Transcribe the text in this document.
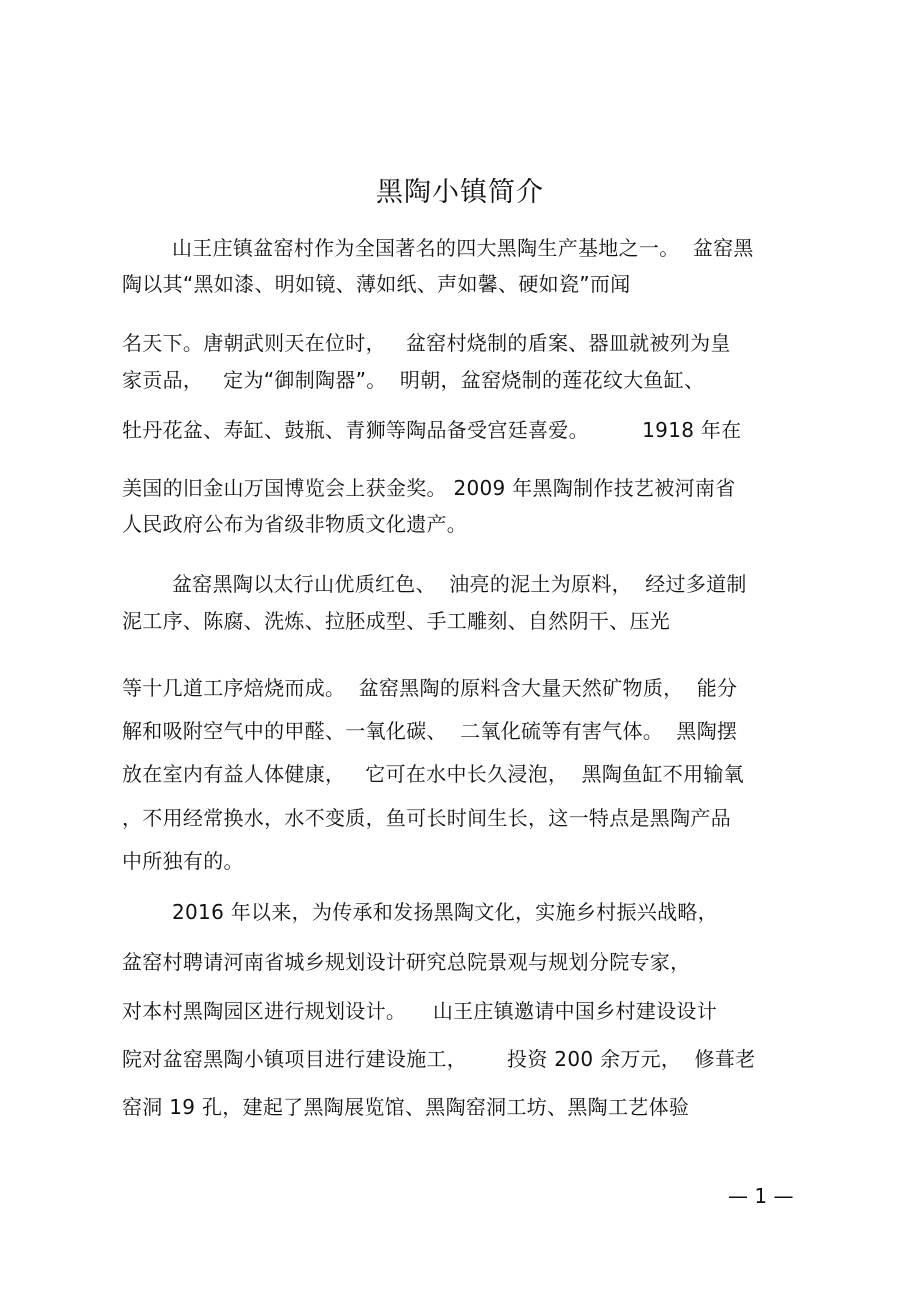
黑陶小镇简介
山王庄镇盆窑村作为全国著名的四大黑陶生产基地之一。  盆窑黑
陶以其“黑如漆、明如镜、薄如纸、声如馨、硬如瓷”而闻
名天下。唐朝武则天在位时，   盆窑村烧制的盾案、器皿就被列为皇
家贡品，   定为“御制陶器”。  明朝，盆窑烧制的莲花纹大鱼缸、
牡丹花盆、寿缸、鼓瓶、青狮等陶品备受宫廷喜爱。        1918 年在
美国的旧金山万国博览会上获金奖。 2009 年黑陶制作技艺被河南省
人民政府公布为省级非物质文化遗产。
盆窑黑陶以太行山优质红色、  油亮的泥土为原料，  经过多道制
泥工序、陈腐、洗炼、拉胚成型、手工雕刻、自然阴干、压光
等十几道工序焙烧而成。  盆窑黑陶的原料含大量天然矿物质，  能分
解和吸附空气中的甲醛、一氧化碳、  二氧化硫等有害气体。  黑陶摆
放在室内有益人体健康，   它可在水中长久浸泡，  黑陶鱼缸不用输氧
，不用经常换水，水不变质，鱼可长时间生长，这一特点是黑陶产品
中所独有的。
2016 年以来，为传承和发扬黑陶文化，实施乡村振兴战略，
盆窑村聘请河南省城乡规划设计研究总院景观与规划分院专家，
对本村黑陶园区进行规划设计。    山王庄镇邀请中国乡村建设设计
院对盆窑黑陶小镇项目进行建设施工，      投资 200 余万元，  修葺老
窑洞 19 孔，建起了黑陶展览馆、黑陶窑洞工坊、黑陶工艺体验
— 1 —
